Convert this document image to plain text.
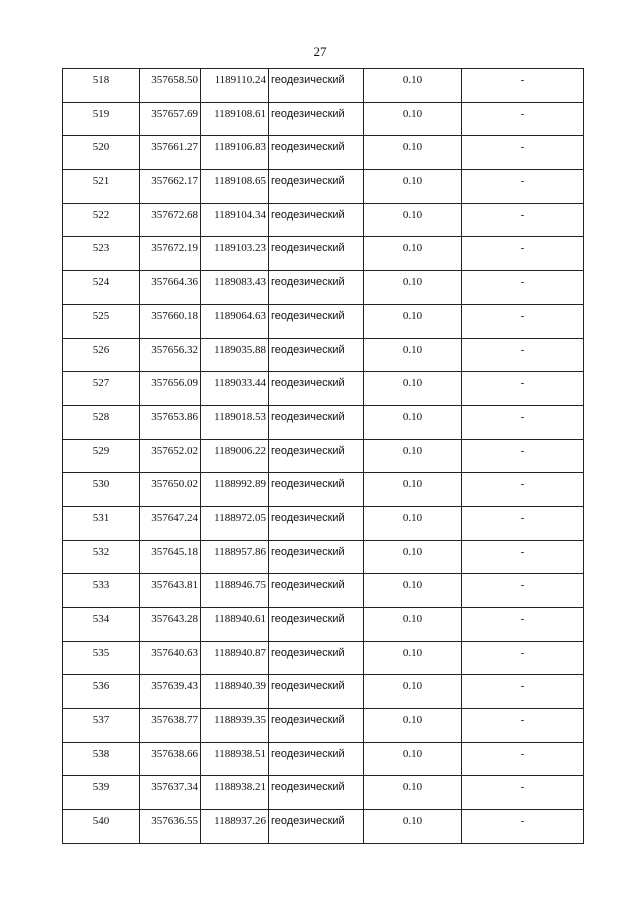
27
518	357658.50	1189110.24	геодезический	0.10	-
519	357657.69	1189108.61	геодезический	0.10	-
520	357661.27	1189106.83	геодезический	0.10	-
521	357662.17	1189108.65	геодезический	0.10	-
522	357672.68	1189104.34	геодезический	0.10	-
523	357672.19	1189103.23	геодезический	0.10	-
524	357664.36	1189083.43	геодезический	0.10	-
525	357660.18	1189064.63	геодезический	0.10	-
526	357656.32	1189035.88	геодезический	0.10	-
527	357656.09	1189033.44	геодезический	0.10	-
528	357653.86	1189018.53	геодезический	0.10	-
529	357652.02	1189006.22	геодезический	0.10	-
530	357650.02	1188992.89	геодезический	0.10	-
531	357647.24	1188972.05	геодезический	0.10	-
532	357645.18	1188957.86	геодезический	0.10	-
533	357643.81	1188946.75	геодезический	0.10	-
534	357643.28	1188940.61	геодезический	0.10	-
535	357640.63	1188940.87	геодезический	0.10	-
536	357639.43	1188940.39	геодезический	0.10	-
537	357638.77	1188939.35	геодезический	0.10	-
538	357638.66	1188938.51	геодезический	0.10	-
539	357637.34	1188938.21	геодезический	0.10	-
540	357636.55	1188937.26	геодезический	0.10	-
